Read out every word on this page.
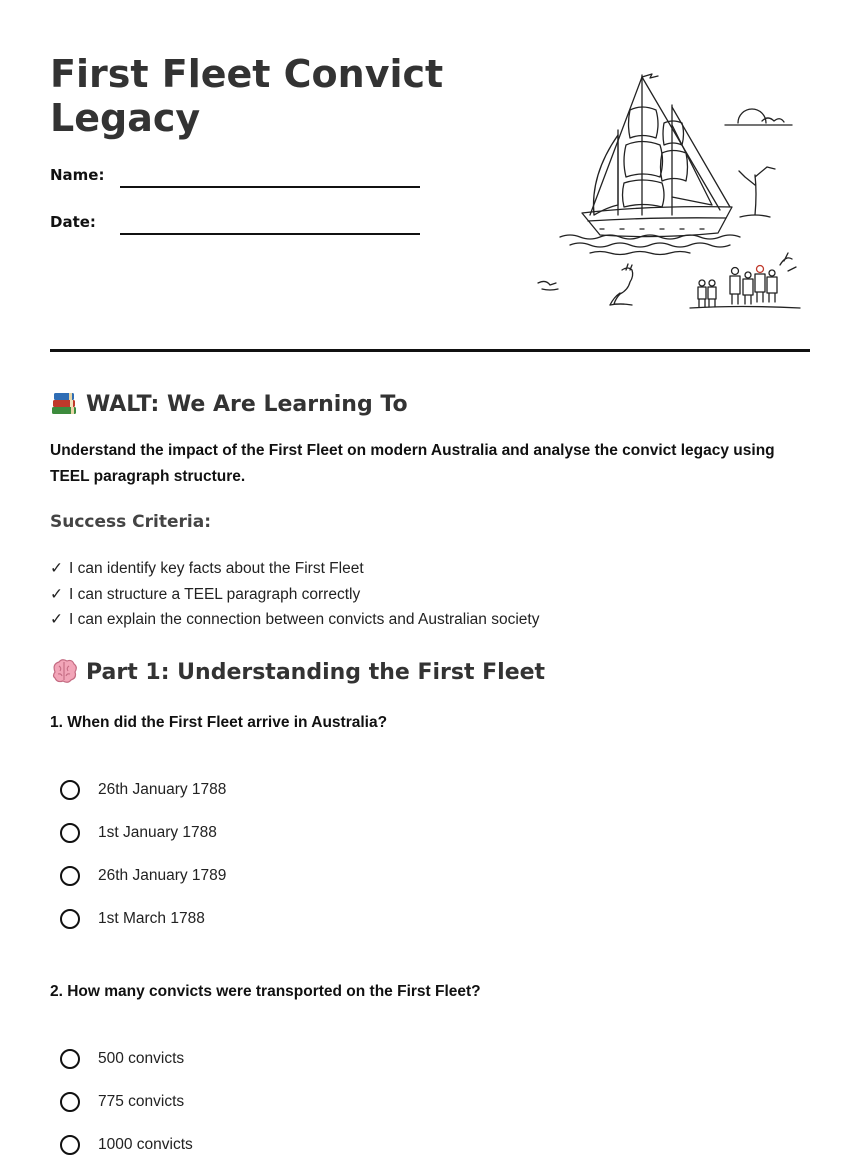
First Fleet Convict Legacy
Name:
Date:
WALT: We Are Learning To

Understand the impact of the First Fleet on modern Australia and analyse the convict legacy using TEEL paragraph structure.

Success Criteria:
✓ I can identify key facts about the First Fleet
✓ I can structure a TEEL paragraph correctly
✓ I can explain the connection between convicts and Australian society
Part 1: Understanding the First Fleet

1. When did the First Fleet arrive in Australia?

26th January 1788
1st January 1788
26th January 1789
1st March 1788

2. How many convicts were transported on the First Fleet?

500 convicts
775 convicts
1000 convicts
